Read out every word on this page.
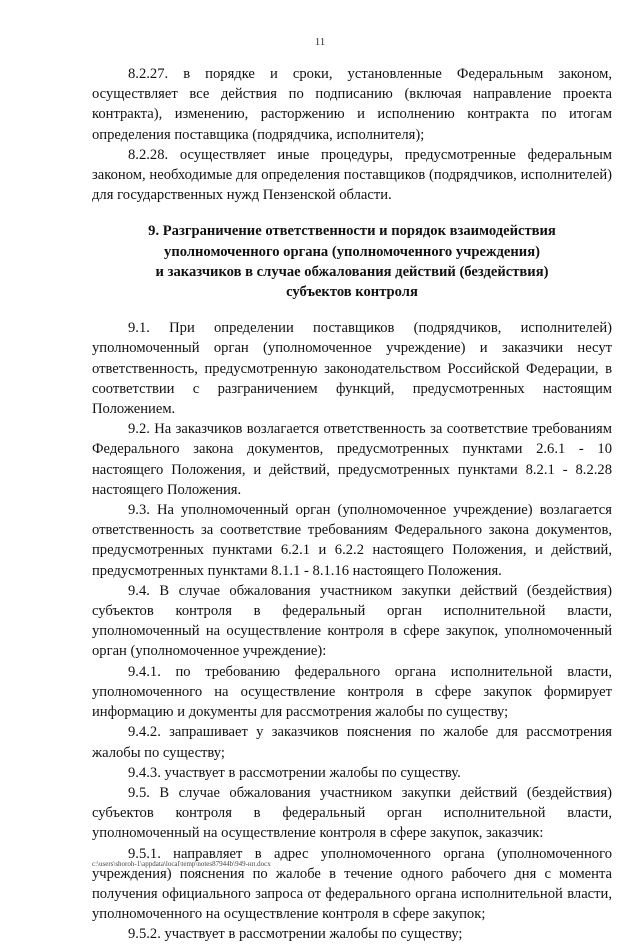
11

8.2.27. в порядке и сроки, установленные Федеральным законом, осуществляет все действия по подписанию (включая направление проекта контракта), изменению, расторжению и исполнению контракта по итогам определения поставщика (подрядчика, исполнителя);

8.2.28. осуществляет иные процедуры, предусмотренные федеральным законом, необходимые для определения поставщиков (подрядчиков, исполнителей) для государственных нужд Пензенской области.

9. Разграничение ответственности и порядок взаимодействия
уполномоченного органа (уполномоченного учреждения)
и заказчиков в случае обжалования действий (бездействия)
субъектов контроля

9.1. При определении поставщиков (подрядчиков, исполнителей) уполномоченный орган (уполномоченное учреждение) и заказчики несут ответственность, предусмотренную законодательством Российской Федерации, в соответствии с разграничением функций, предусмотренных настоящим Положением.

9.2. На заказчиков возлагается ответственность за соответствие требованиям Федерального закона документов, предусмотренных пунктами 2.6.1 - 10 настоящего Положения, и действий, предусмотренных пунктами 8.2.1 - 8.2.28 настоящего Положения.

9.3. На уполномоченный орган (уполномоченное учреждение) возлагается ответственность за соответствие требованиям Федерального закона документов, предусмотренных пунктами 6.2.1 и 6.2.2 настоящего Положения, и действий, предусмотренных пунктами 8.1.1 - 8.1.16 настоящего Положения.

9.4. В случае обжалования участником закупки действий (бездействия) субъектов контроля в федеральный орган исполнительной власти, уполномоченный на осуществление контроля в сфере закупок, уполномоченный орган (уполномоченное учреждение):

9.4.1. по требованию федерального органа исполнительной власти, уполномоченного на осуществление контроля в сфере закупок формирует информацию и документы для рассмотрения жалобы по существу;

9.4.2. запрашивает у заказчиков пояснения по жалобе для рассмотрения жалобы по существу;

9.4.3. участвует в рассмотрении жалобы по существу.

9.5. В случае обжалования участником закупки действий (бездействия) субъектов контроля в федеральный орган исполнительной власти, уполномоченный на осуществление контроля в сфере закупок, заказчик:

9.5.1. направляет в адрес уполномоченного органа (уполномоченного учреждения) пояснения по жалобе в течение одного рабочего дня с момента получения официального запроса от федерального органа исполнительной власти, уполномоченного на осуществление контроля в сфере закупок;

9.5.2. участвует в рассмотрении жалобы по существу;

c:\users\shoroh-1\appdata\local\temp\notes87944b\949-нп.docx
